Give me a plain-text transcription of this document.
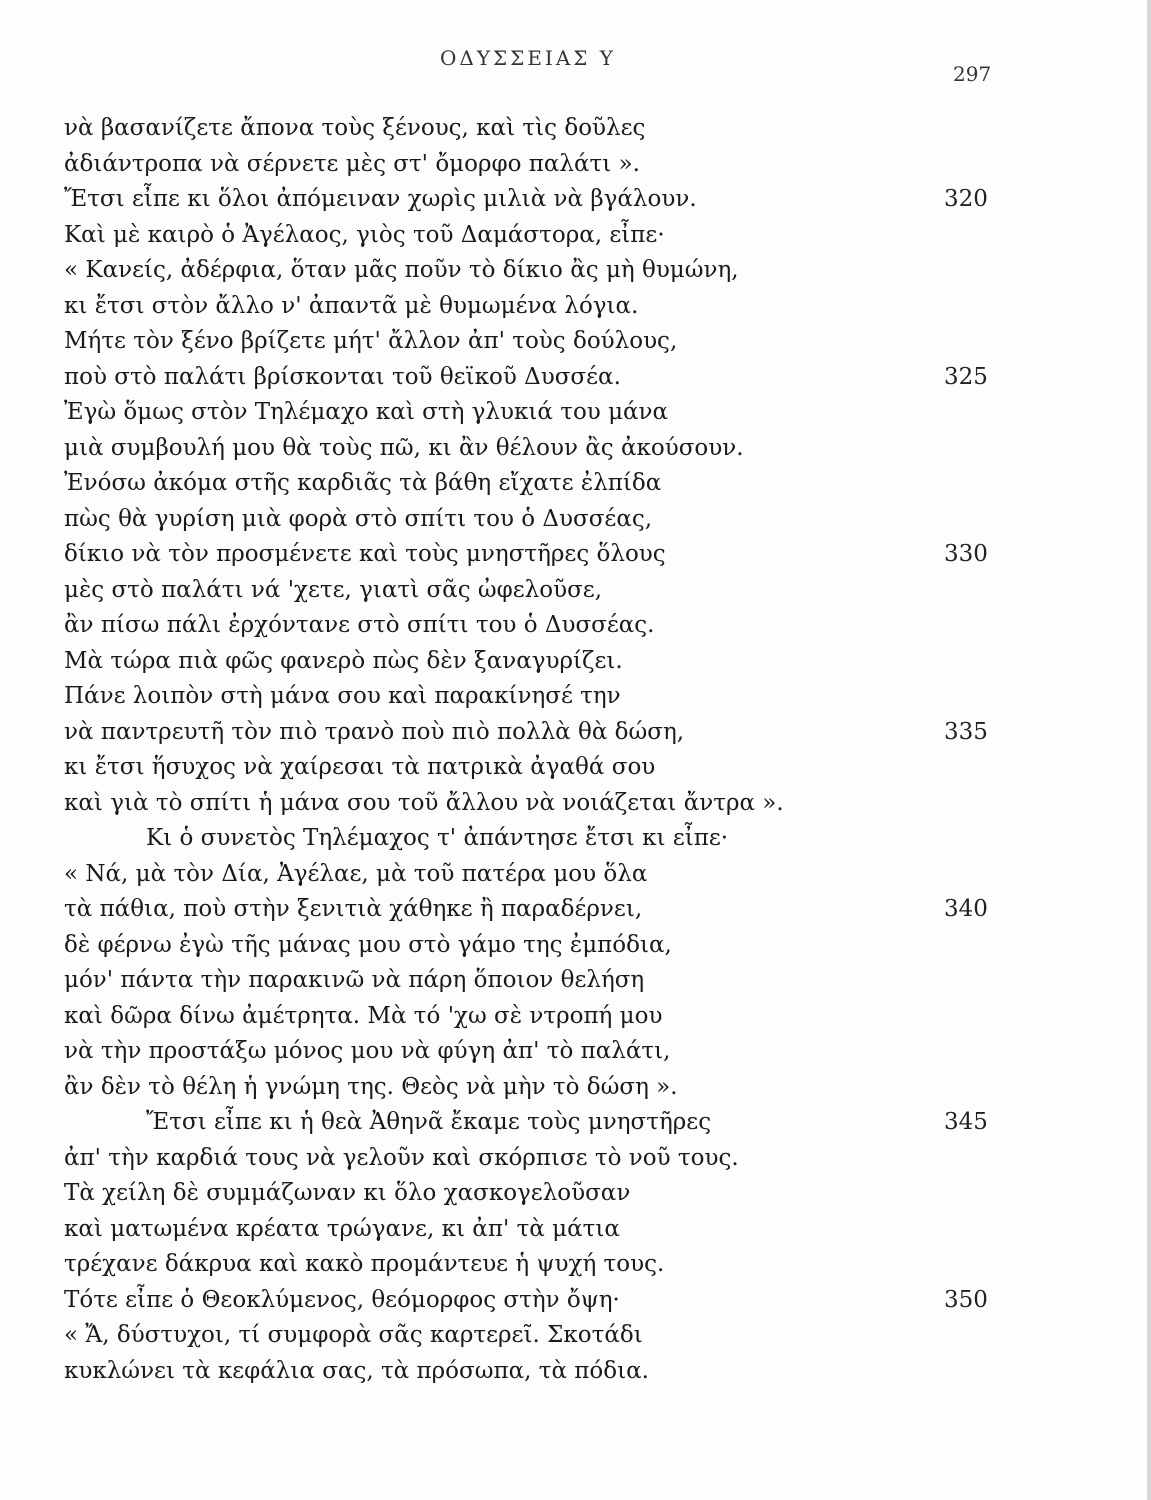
ΟΔΥΣΣΕΙΑΣ Υ
297
νὰ βασανίζετε ἄπονα τοὺς ξένους, καὶ τὶς δοῦλες
ἀδιάντροπα νὰ σέρνετε μὲς στ' ὄμορφο παλάτι ».
Ἔτσι εἶπε κι ὅλοι ἀπόμειναν χωρὶς μιλιὰ νὰ βγάλουν.	320
Καὶ μὲ καιρὸ ὁ Ἀγέλαος, γιὸς τοῦ Δαμάστορα, εἶπε·
« Κανείς, ἀδέρφια, ὅταν μᾶς ποῦν τὸ δίκιο ἂς μὴ θυμώνη,
κι ἔτσι στὸν ἄλλο ν' ἀπαντᾶ μὲ θυμωμένα λόγια.
Μήτε τὸν ξένο βρίζετε μήτ' ἄλλον ἀπ' τοὺς δούλους,
ποὺ στὸ παλάτι βρίσκονται τοῦ θεϊκοῦ Δυσσέα.	325
Ἐγὼ ὅμως στὸν Τηλέμαχο καὶ στὴ γλυκιά του μάνα
μιὰ συμβουλή μου θὰ τοὺς πῶ, κι ἂν θέλουν ἂς ἀκούσουν.
Ἐνόσω ἀκόμα στῆς καρδιᾶς τὰ βάθη εἴχατε ἐλπίδα
πὼς θὰ γυρίση μιὰ φορὰ στὸ σπίτι του ὁ Δυσσέας,
δίκιο νὰ τὸν προσμένετε καὶ τοὺς μνηστῆρες ὅλους	330
μὲς στὸ παλάτι νά 'χετε, γιατὶ σᾶς ὠφελοῦσε,
ἂν πίσω πάλι ἐρχόντανε στὸ σπίτι του ὁ Δυσσέας.
Μὰ τώρα πιὰ φῶς φανερὸ πὼς δὲν ξαναγυρίζει.
Πάνε λοιπὸν στὴ μάνα σου καὶ παρακίνησέ την
νὰ παντρευτῆ τὸν πιὸ τρανὸ ποὺ πιὸ πολλὰ θὰ δώση,	335
κι ἔτσι ἥσυχος νὰ χαίρεσαι τὰ πατρικὰ ἀγαθά σου
καὶ γιὰ τὸ σπίτι ἡ μάνα σου τοῦ ἄλλου νὰ νοιάζεται ἄντρα ».
Κι ὁ συνετὸς Τηλέμαχος τ' ἀπάντησε ἔτσι κι εἶπε·
« Νά, μὰ τὸν Δία, Ἀγέλαε, μὰ τοῦ πατέρα μου ὅλα
τὰ πάθια, ποὺ στὴν ξενιτιὰ χάθηκε ἢ παραδέρνει,	340
δὲ φέρνω ἐγὼ τῆς μάνας μου στὸ γάμο της ἐμπόδια,
μόν' πάντα τὴν παρακινῶ νὰ πάρη ὅποιον θελήση
καὶ δῶρα δίνω ἀμέτρητα. Μὰ τό 'χω σὲ ντροπή μου
νὰ τὴν προστάξω μόνος μου νὰ φύγη ἀπ' τὸ παλάτι,
ἂν δὲν τὸ θέλη ἡ γνώμη της. Θεὸς νὰ μὴν τὸ δώση ».
Ἔτσι εἶπε κι ἡ θεὰ Ἀθηνᾶ ἔκαμε τοὺς μνηστῆρες	345
ἀπ' τὴν καρδιά τους νὰ γελοῦν καὶ σκόρπισε τὸ νοῦ τους.
Τὰ χείλη δὲ συμμάζωναν κι ὅλο χασκογελοῦσαν
καὶ ματωμένα κρέατα τρώγανε, κι ἀπ' τὰ μάτια
τρέχανε δάκρυα καὶ κακὸ προμάντευε ἡ ψυχή τους.
Τότε εἶπε ὁ Θεοκλύμενος, θεόμορφος στὴν ὄψη·	350
« Ἄ, δύστυχοι, τί συμφορὰ σᾶς καρτερεῖ. Σκοτάδι
κυκλώνει τὰ κεφάλια σας, τὰ πρόσωπα, τὰ πόδια.
